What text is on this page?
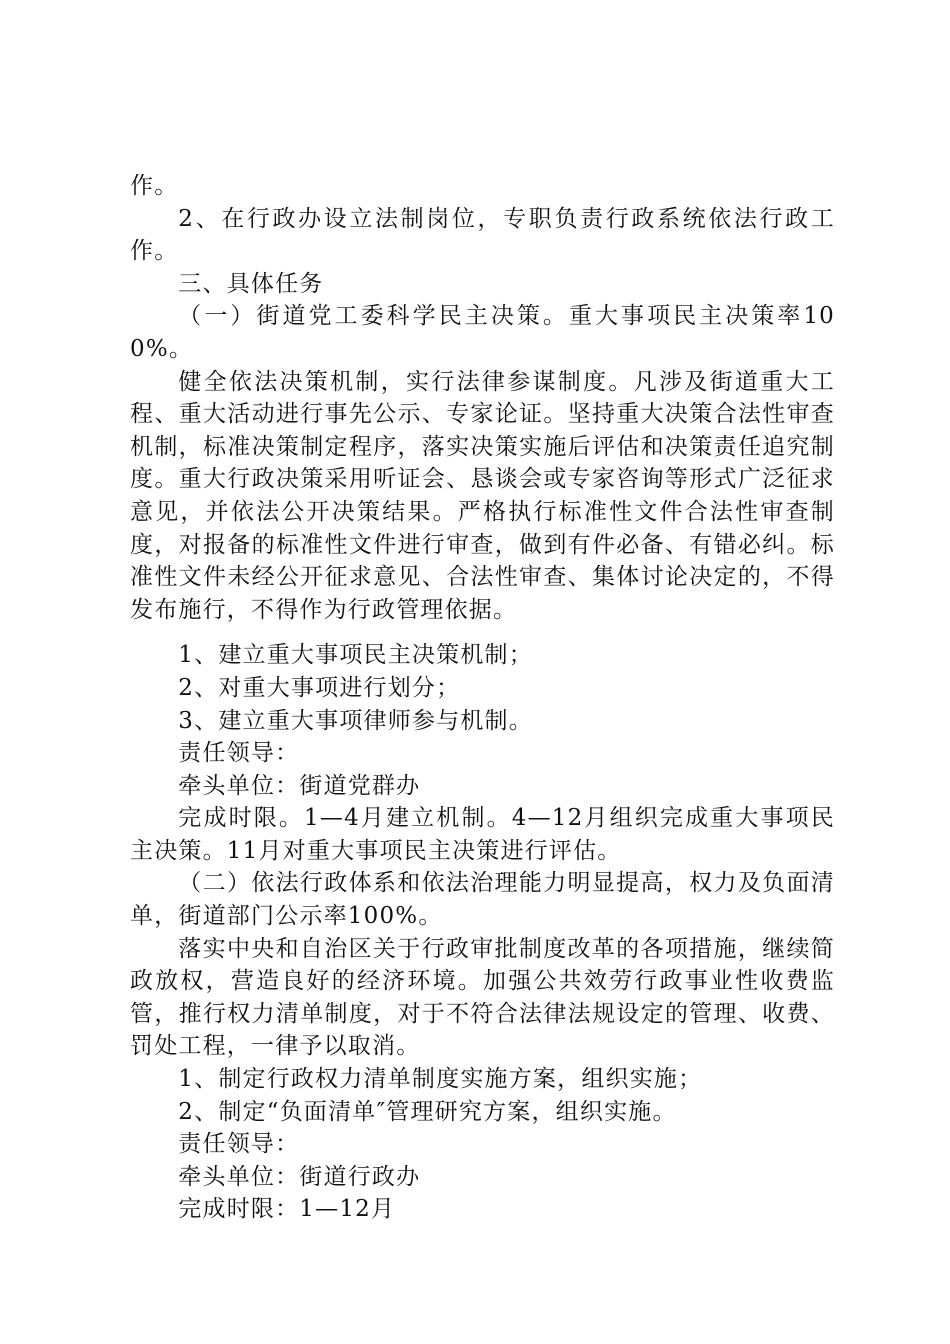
作。

2、在行政办设立法制岗位，专职负责行政系统依法行政工作。

三、具体任务

（一）街道党工委科学民主决策。重大事项民主决策率100%。

健全依法决策机制，实行法律参谋制度。凡涉及街道重大工程、重大活动进行事先公示、专家论证。坚持重大决策合法性审查机制，标准决策制定程序，落实决策实施后评估和决策责任追究制度。重大行政决策采用听证会、恳谈会或专家咨询等形式广泛征求意见，并依法公开决策结果。严格执行标准性文件合法性审查制度，对报备的标准性文件进行审查，做到有件必备、有错必纠。标准性文件未经公开征求意见、合法性审查、集体讨论决定的，不得发布施行，不得作为行政管理依据。

1、建立重大事项民主决策机制；

2、对重大事项进行划分；

3、建立重大事项律师参与机制。

责任领导：

牵头单位：街道党群办

完成时限。1—4月建立机制。4—12月组织完成重大事项民主决策。11月对重大事项民主决策进行评估。

（二）依法行政体系和依法治理能力明显提高，权力及负面清单，街道部门公示率100%。

落实中央和自治区关于行政审批制度改革的各项措施，继续简政放权，营造良好的经济环境。加强公共效劳行政事业性收费监管，推行权力清单制度，对于不符合法律法规设定的管理、收费、罚处工程，一律予以取消。

1、制定行政权力清单制度实施方案，组织实施；

2、制定“负面清单″管理研究方案，组织实施。

责任领导：

牵头单位：街道行政办

完成时限：1—12月
